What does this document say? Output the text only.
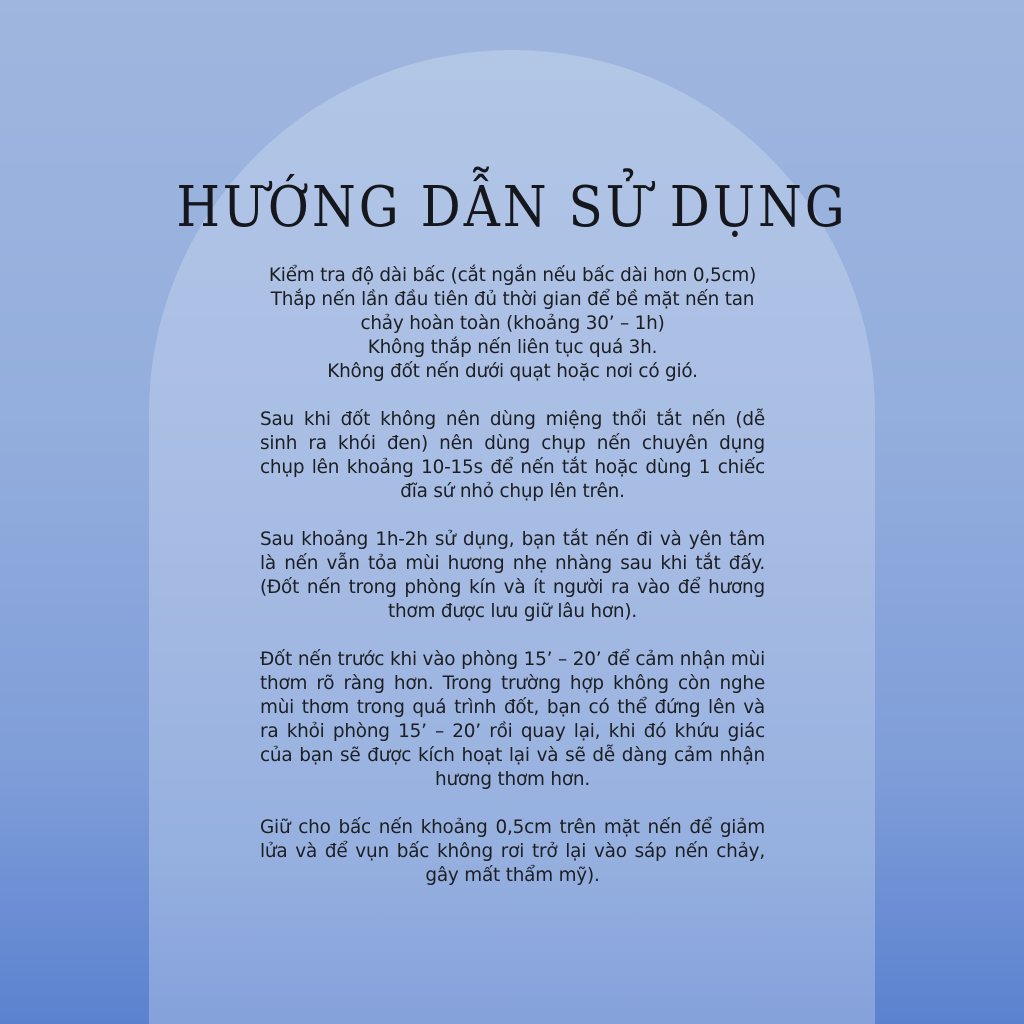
HƯỚNG DẪN SỬ DỤNG

Kiểm tra độ dài bấc (cắt ngắn nếu bấc dài hơn 0,5cm)
Thắp nến lần đầu tiên đủ thời gian để bề mặt nến tan
chảy hoàn toàn (khoảng 30’ – 1h)
Không thắp nến liên tục quá 3h.
Không đốt nến dưới quạt hoặc nơi có gió.

Sau khi đốt không nên dùng miệng thổi tắt nến (dễ sinh ra khói đen) nên dùng chụp nến chuyên dụng chụp lên khoảng 10-15s để nến tắt hoặc dùng 1 chiếc đĩa sứ nhỏ chụp lên trên.

Sau khoảng 1h-2h sử dụng, bạn tắt nến đi và yên tâm là nến vẫn tỏa mùi hương nhẹ nhàng sau khi tắt đấy. (Đốt nến trong phòng kín và ít người ra vào để hương thơm được lưu giữ lâu hơn).

Đốt nến trước khi vào phòng 15’ – 20’ để cảm nhận mùi thơm rõ ràng hơn. Trong trường hợp không còn nghe mùi thơm trong quá trình đốt, bạn có thể đứng lên và ra khỏi phòng 15’ – 20’ rồi quay lại, khi đó khứu giác của bạn sẽ được kích hoạt lại và sẽ dễ dàng cảm nhận hương thơm hơn.

Giữ cho bấc nến khoảng 0,5cm trên mặt nến để giảm lửa và để vụn bấc không rơi trở lại vào sáp nến chảy, gây mất thẩm mỹ).
